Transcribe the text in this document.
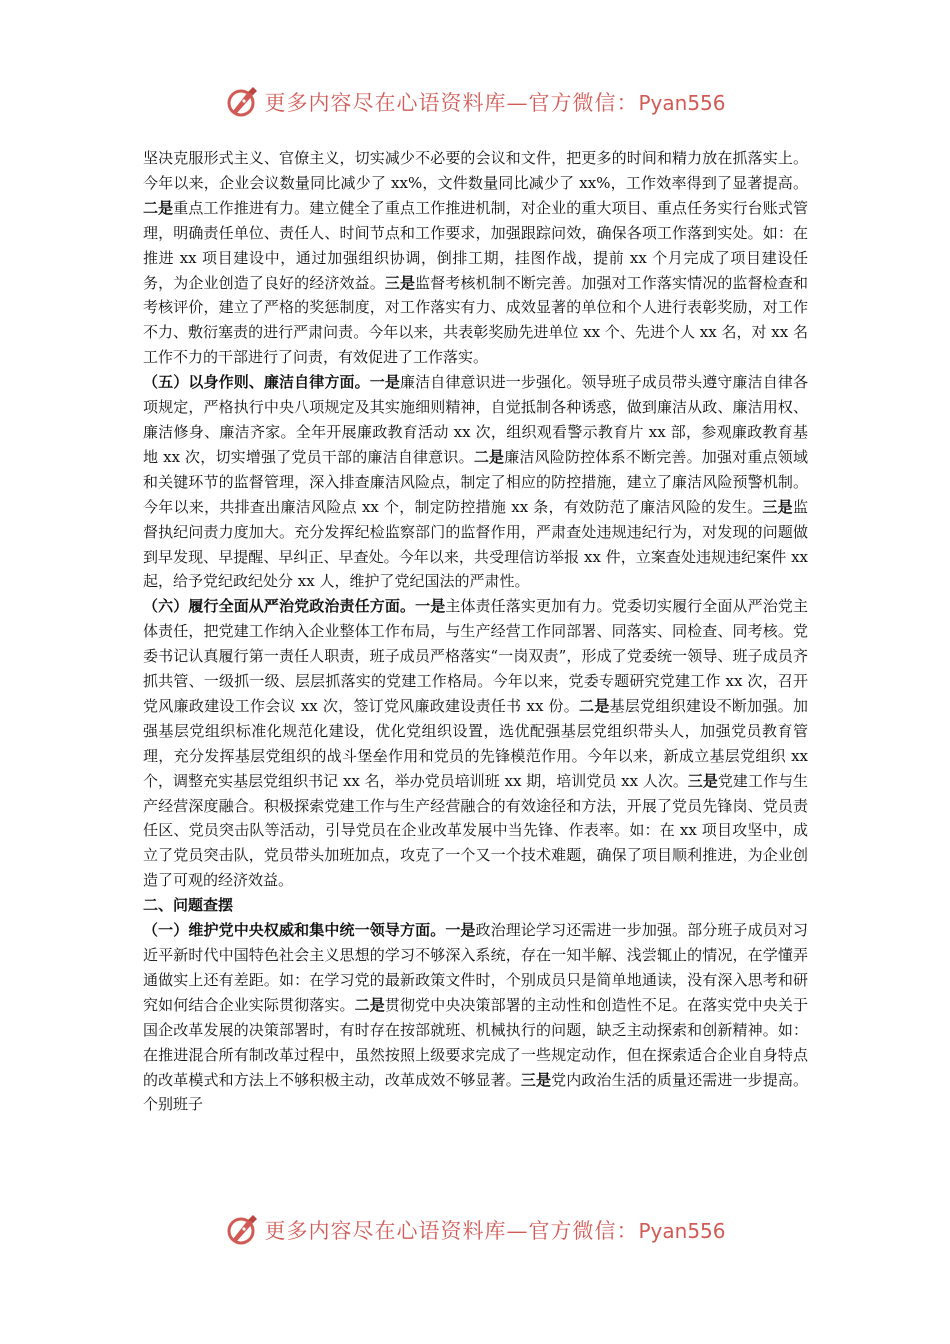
更多内容尽在心语资料库—官方微信：Pyan556

坚决克服形式主义、官僚主义，切实减少不必要的会议和文件，把更多的时间和精力放在抓落实上。今年以来，企业会议数量同比减少了 xx%，文件数量同比减少了 xx%，工作效率得到了显著提高。二是重点工作推进有力。建立健全了重点工作推进机制，对企业的重大项目、重点任务实行台账式管理，明确责任单位、责任人、时间节点和工作要求，加强跟踪问效，确保各项工作落到实处。如：在推进 xx 项目建设中，通过加强组织协调，倒排工期，挂图作战，提前 xx 个月完成了项目建设任务，为企业创造了良好的经济效益。三是监督考核机制不断完善。加强对工作落实情况的监督检查和考核评价，建立了严格的奖惩制度，对工作落实有力、成效显著的单位和个人进行表彰奖励，对工作不力、敷衍塞责的进行严肃问责。今年以来，共表彰奖励先进单位 xx 个、先进个人 xx 名，对 xx 名工作不力的干部进行了问责，有效促进了工作落实。

（五）以身作则、廉洁自律方面。一是廉洁自律意识进一步强化。领导班子成员带头遵守廉洁自律各项规定，严格执行中央八项规定及其实施细则精神，自觉抵制各种诱惑，做到廉洁从政、廉洁用权、廉洁修身、廉洁齐家。全年开展廉政教育活动 xx 次，组织观看警示教育片 xx 部，参观廉政教育基地 xx 次，切实增强了党员干部的廉洁自律意识。二是廉洁风险防控体系不断完善。加强对重点领域和关键环节的监督管理，深入排查廉洁风险点，制定了相应的防控措施，建立了廉洁风险预警机制。今年以来，共排查出廉洁风险点 xx 个，制定防控措施 xx 条，有效防范了廉洁风险的发生。三是监督执纪问责力度加大。充分发挥纪检监察部门的监督作用，严肃查处违规违纪行为，对发现的问题做到早发现、早提醒、早纠正、早查处。今年以来，共受理信访举报 xx 件，立案查处违规违纪案件 xx 起，给予党纪政纪处分 xx 人，维护了党纪国法的严肃性。

（六）履行全面从严治党政治责任方面。一是主体责任落实更加有力。党委切实履行全面从严治党主体责任，把党建工作纳入企业整体工作布局，与生产经营工作同部署、同落实、同检查、同考核。党委书记认真履行第一责任人职责，班子成员严格落实“一岗双责”，形成了党委统一领导、班子成员齐抓共管、一级抓一级、层层抓落实的党建工作格局。今年以来，党委专题研究党建工作 xx 次，召开党风廉政建设工作会议 xx 次，签订党风廉政建设责任书 xx 份。二是基层党组织建设不断加强。加强基层党组织标准化规范化建设，优化党组织设置，选优配强基层党组织带头人，加强党员教育管理，充分发挥基层党组织的战斗堡垒作用和党员的先锋模范作用。今年以来，新成立基层党组织 xx 个，调整充实基层党组织书记 xx 名，举办党员培训班 xx 期，培训党员 xx 人次。三是党建工作与生产经营深度融合。积极探索党建工作与生产经营融合的有效途径和方法，开展了党员先锋岗、党员责任区、党员突击队等活动，引导党员在企业改革发展中当先锋、作表率。如：在 xx 项目攻坚中，成立了党员突击队，党员带头加班加点，攻克了一个又一个技术难题，确保了项目顺利推进，为企业创造了可观的经济效益。

二、问题查摆

（一）维护党中央权威和集中统一领导方面。一是政治理论学习还需进一步加强。部分班子成员对习近平新时代中国特色社会主义思想的学习不够深入系统，存在一知半解、浅尝辄止的情况，在学懂弄通做实上还有差距。如：在学习党的最新政策文件时，个别成员只是简单地通读，没有深入思考和研究如何结合企业实际贯彻落实。二是贯彻党中央决策部署的主动性和创造性不足。在落实党中央关于国企改革发展的决策部署时，有时存在按部就班、机械执行的问题，缺乏主动探索和创新精神。如：在推进混合所有制改革过程中，虽然按照上级要求完成了一些规定动作，但在探索适合企业自身特点的改革模式和方法上不够积极主动，改革成效不够显著。三是党内政治生活的质量还需进一步提高。个别班子

更多内容尽在心语资料库—官方微信：Pyan556
